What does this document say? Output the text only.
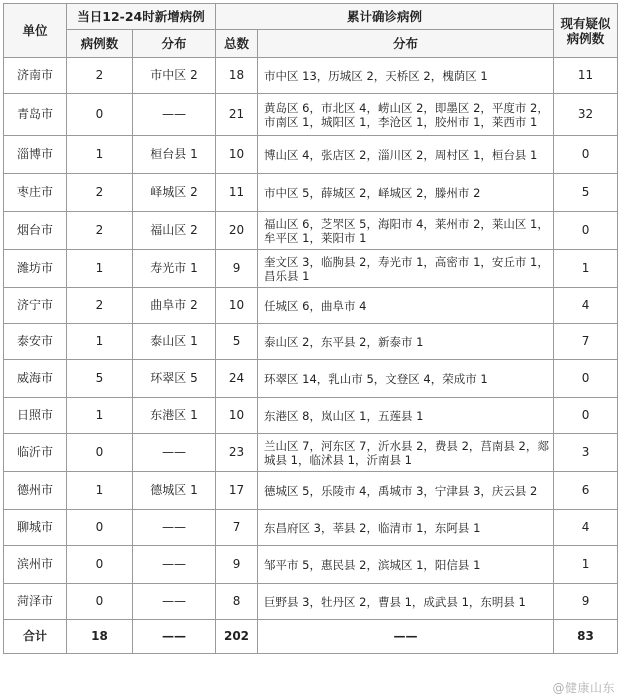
单位	当日12-24时新增病例		累计确诊病例		现有疑似病例数
	病例数	分布	总数	分布	
济南市	2	市中区 2	18	市中区 13，历城区 2，天桥区 2，槐荫区 1	11
青岛市	0	——	21	黄岛区 6，市北区 4，崂山区 2，即墨区 2，平度市 2，市南区 1，城阳区 1，李沧区 1，胶州市 1，莱西市 1	32
淄博市	1	桓台县 1	10	博山区 4，张店区 2，淄川区 2，周村区 1，桓台县 1	0
枣庄市	2	峄城区 2	11	市中区 5，薛城区 2，峄城区 2，滕州市 2	5
烟台市	2	福山区 2	20	福山区 6，芝罘区 5，海阳市 4，莱州市 2，莱山区 1，牟平区 1，莱阳市 1	0
潍坊市	1	寿光市 1	9	奎文区 3，临朐县 2，寿光市 1，高密市 1，安丘市 1，昌乐县 1	1
济宁市	2	曲阜市 2	10	任城区 6，曲阜市 4	4
泰安市	1	泰山区 1	5	泰山区 2，东平县 2，新泰市 1	7
威海市	5	环翠区 5	24	环翠区 14，乳山市 5，文登区 4，荣成市 1	0
日照市	1	东港区 1	10	东港区 8，岚山区 1，五莲县 1	0
临沂市	0	——	23	兰山区 7，河东区 7，沂水县 2，费县 2，莒南县 2，郯城县 1，临沭县 1，沂南县 1	3
德州市	1	德城区 1	17	德城区 5，乐陵市 4，禹城市 3，宁津县 3，庆云县 2	6
聊城市	0	——	7	东昌府区 3，莘县 2，临清市 1，东阿县 1	4
滨州市	0	——	9	邹平市 5，惠民县 2，滨城区 1，阳信县 1	1
菏泽市	0	——	8	巨野县 3，牡丹区 2，曹县 1，成武县 1，东明县 1	9
合计	18	——	202	——	83
@健康山东
